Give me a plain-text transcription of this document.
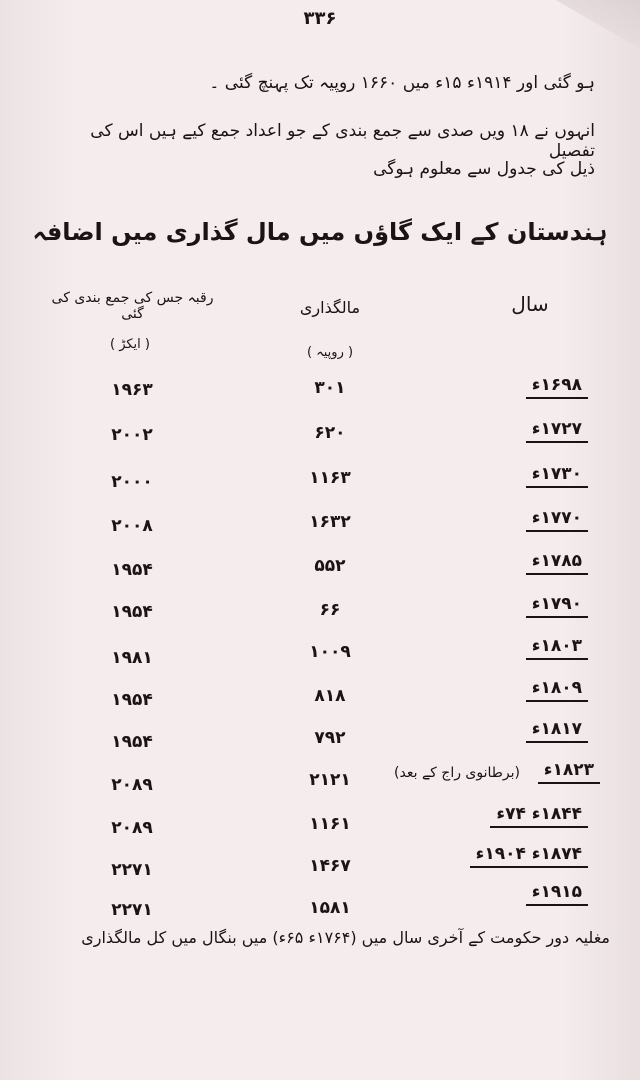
۳۳۶
ہو گئی اور ۱۹۱۴ء ۱۵ء میں ۱۶۶۰ روپیہ تک پہنچ گئی ۔
انہوں نے ۱۸ ویں صدی سے جمع بندی کے جو اعداد جمع کیے ہیں اس کی تفصیل
ذیل کی جدول سے معلوم ہوگی
ہندستان کے ایک گاؤں میں مال گذاری میں اضافہ
سال
مالگذاری
( روپیہ )
رقبہ جس کی جمع بندی کی گئی
( ایکڑ )
۱۶۹۸ء
۳۰۱
۱۹۶۳
۱۷۲۷ء
۶۲۰
۲۰۰۲
۱۷۳۰ء
۱۱۶۳
۲۰۰۰
۱۷۷۰ء
۱۶۳۲
۲۰۰۸
۱۷۸۵ء
۵۵۲
۱۹۵۴
۱۷۹۰ء
۶۶
۱۹۵۴
۱۸۰۳ء
۱۰۰۹
۱۹۸۱
۱۸۰۹ء
۸۱۸
۱۹۵۴
۱۸۱۷ء
۷۹۲
۱۹۵۴
۱۸۲۳ء
(برطانوی راج کے بعد)
۲۱۲۱
۲۰۸۹
۱۸۴۴ء ۷۴ء
۱۱۶۱
۲۰۸۹
۱۸۷۴ء ۱۹۰۴ء
۱۴۶۷
۲۲۷۱
۱۹۱۵ء
۱۵۸۱
۲۲۷۱
مغلیہ دور حکومت کے آخری سال میں (۱۷۶۴ء ۶۵ء) میں بنگال میں کل مالگذاری
